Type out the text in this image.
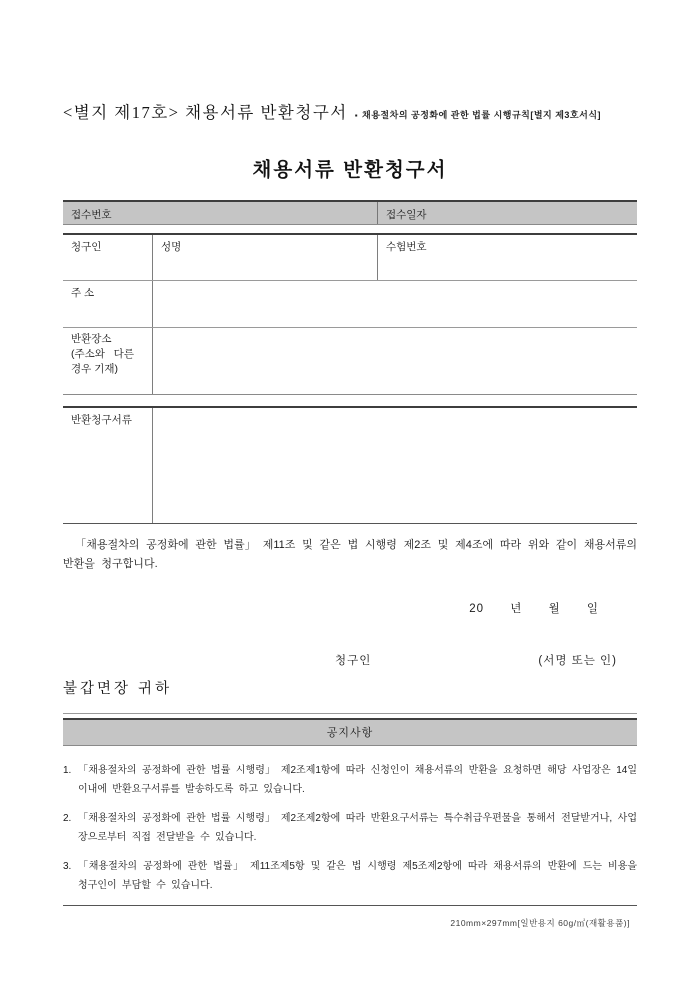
<별지 제17호> 채용서류 반환청구서 ▪ 채용절차의 공정화에 관한 법률 시행규칙[별지 제3호서식]
채용서류 반환청구서
접수번호	접수일자
청구인	성명	수험번호
주 소
반환장소
(주소와   다른
경우 기재)
반환청구서류
「채용절차의 공정화에 관한 법률」 제11조 및 같은 법 시행령 제2조 및 제4조에 따라 위와 같이 채용서류의 반환을 청구합니다.
20 년 월 일
청구인	(서명 또는 인)
불갑면장 귀하
공지사항
1. 「채용절차의 공정화에 관한 법률 시행령」 제2조제1항에 따라 신청인이 채용서류의 반환을 요청하면 해당 사업장은 14일 이내에 반환요구서류를 발송하도록 하고 있습니다.
2. 「채용절차의 공정화에 관한 법률 시행령」 제2조제2항에 따라 반환요구서류는 특수취급우편물을 통해서 전달받거나, 사업장으로부터 직접 전달받을 수 있습니다.
3. 「채용절차의 공정화에 관한 법률」 제11조제5항 및 같은 법 시행령 제5조제2항에 따라 채용서류의 반환에 드는 비용을 청구인이 부담할 수 있습니다.
210mm×297mm[일반용지 60g/㎡(재활용품)]
